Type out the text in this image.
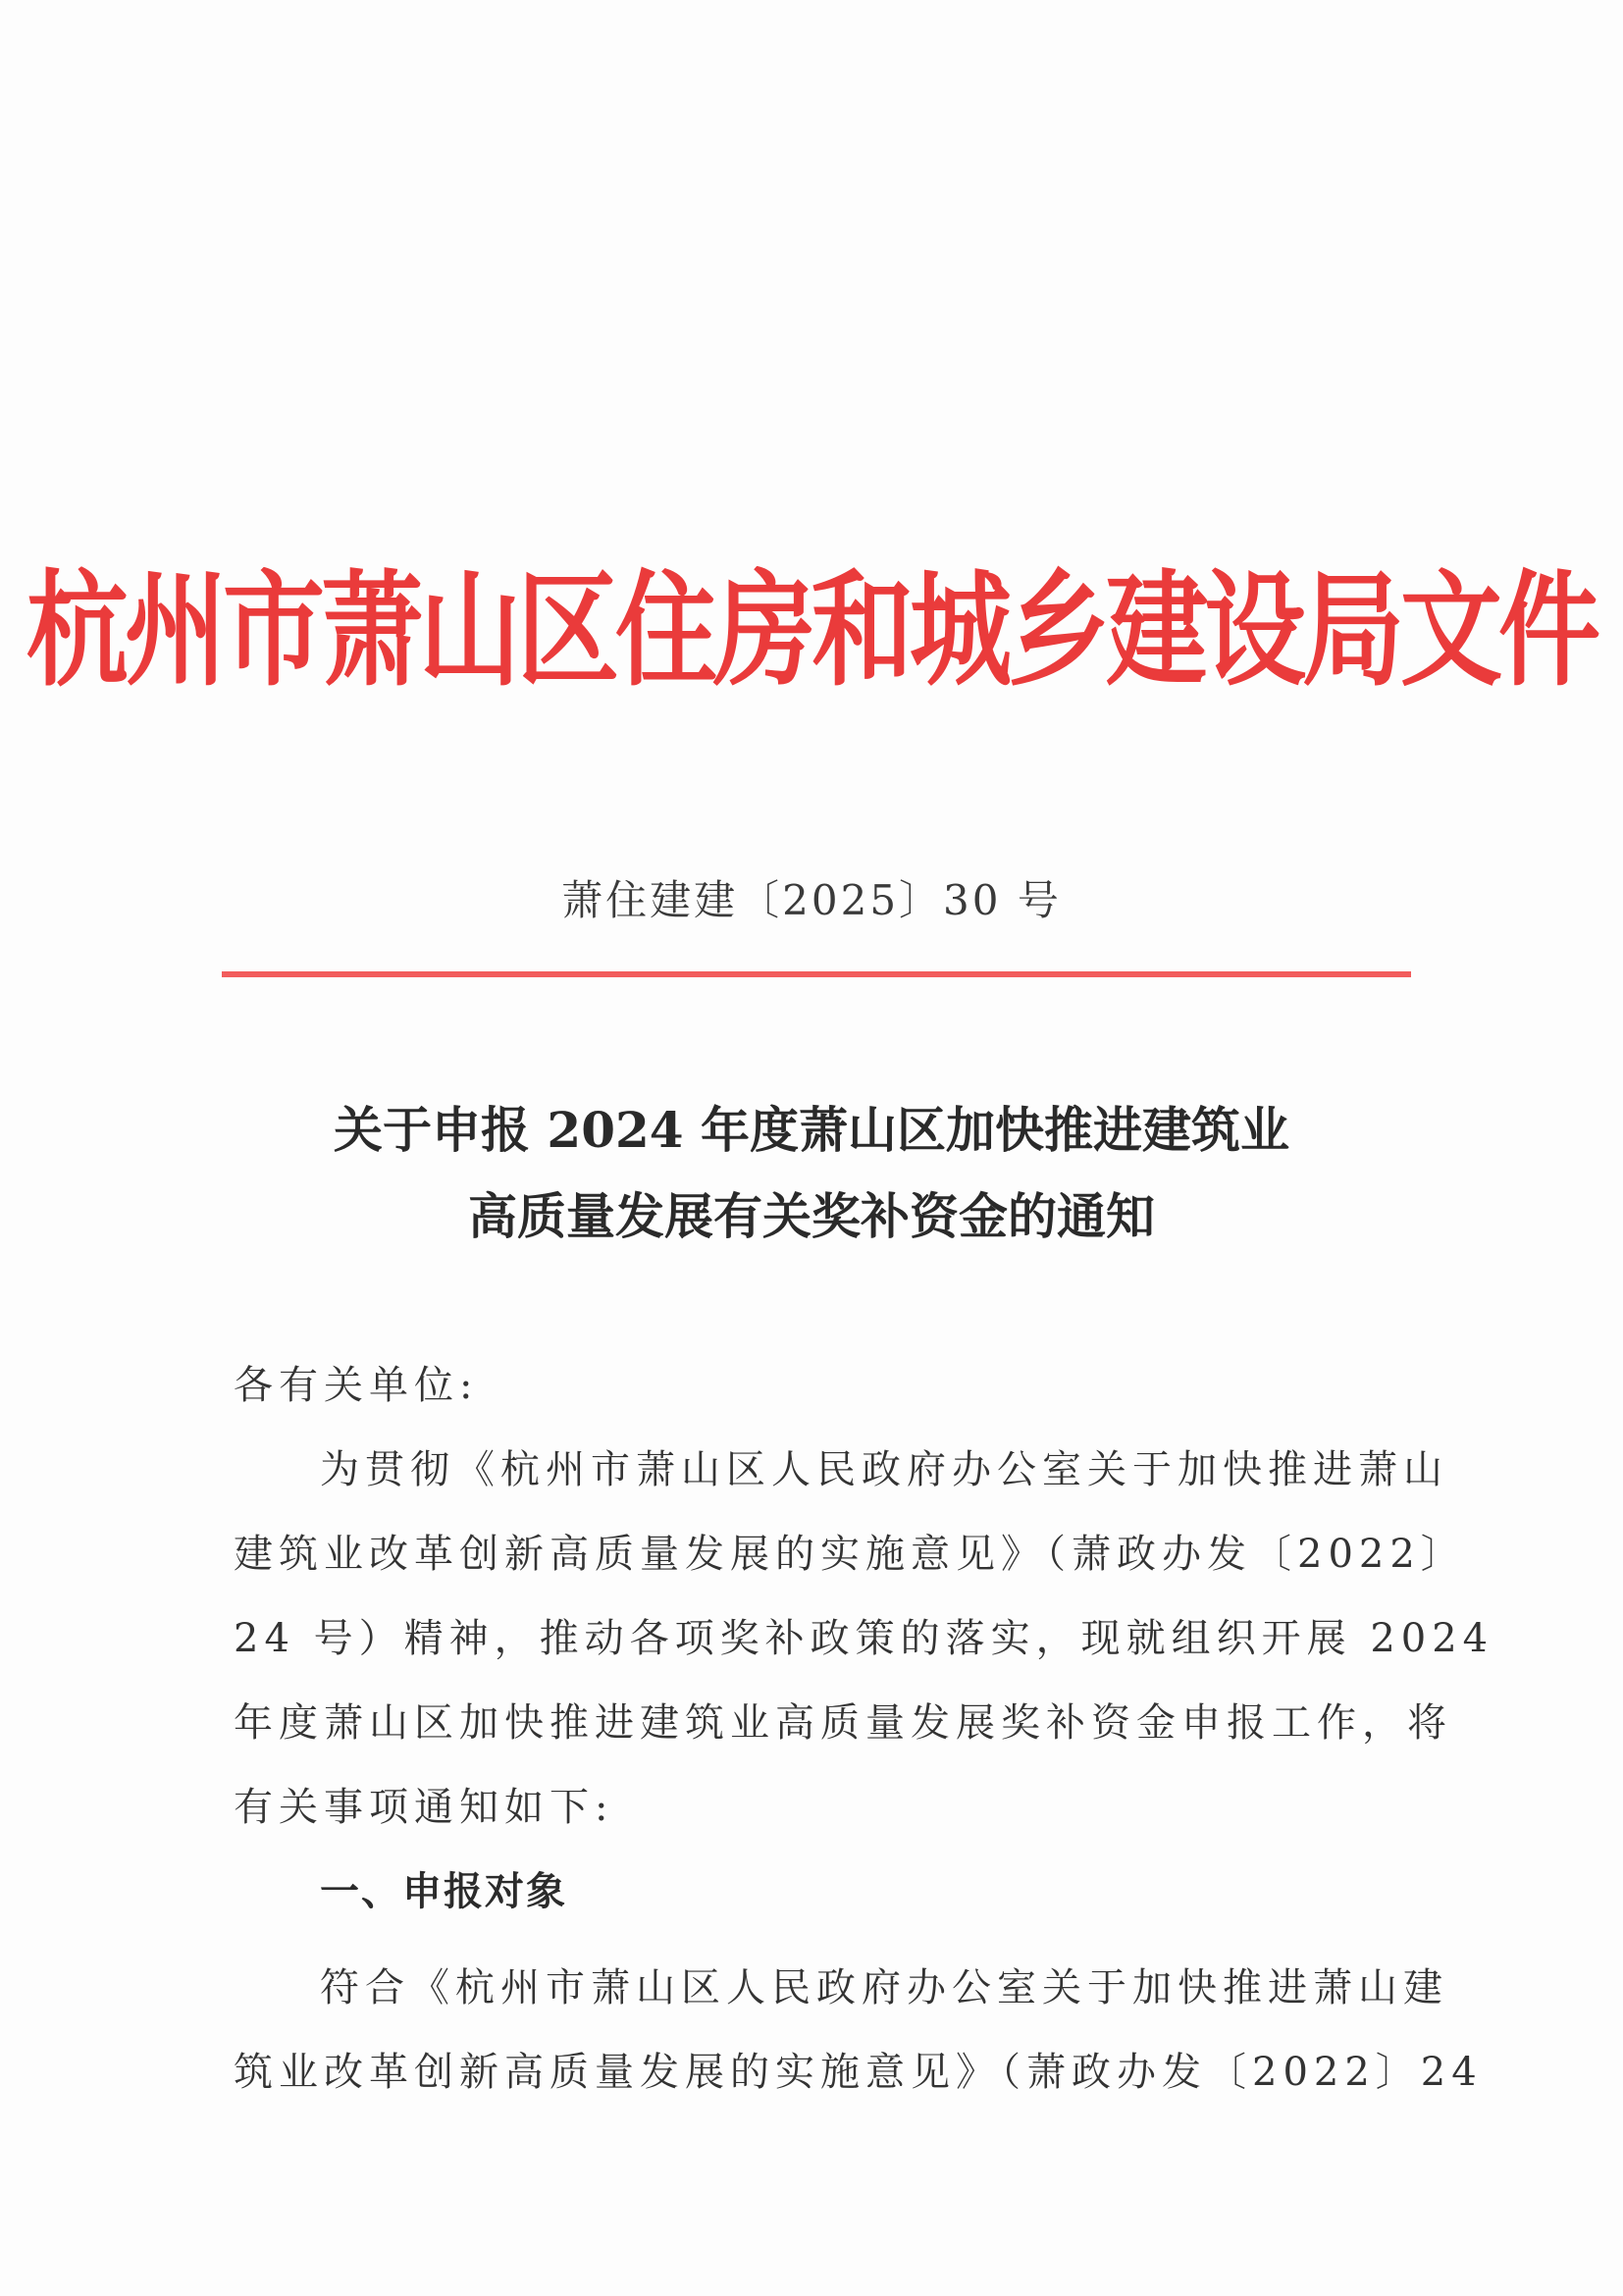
杭州市萧山区住房和城乡建设局文件
萧住建建〔2025〕30 号
关于申报 2024 年度萧山区加快推进建筑业
高质量发展有关奖补资金的通知
各有关单位:
为贯彻《杭州市萧山区人民政府办公室关于加快推进萧山
建筑业改革创新高质量发展的实施意见》（萧政办发〔2022〕
24 号）精神，推动各项奖补政策的落实，现就组织开展 2024
年度萧山区加快推进建筑业高质量发展奖补资金申报工作，将
有关事项通知如下:
一、申报对象
符合《杭州市萧山区人民政府办公室关于加快推进萧山建
筑业改革创新高质量发展的实施意见》（萧政办发〔2022〕24
